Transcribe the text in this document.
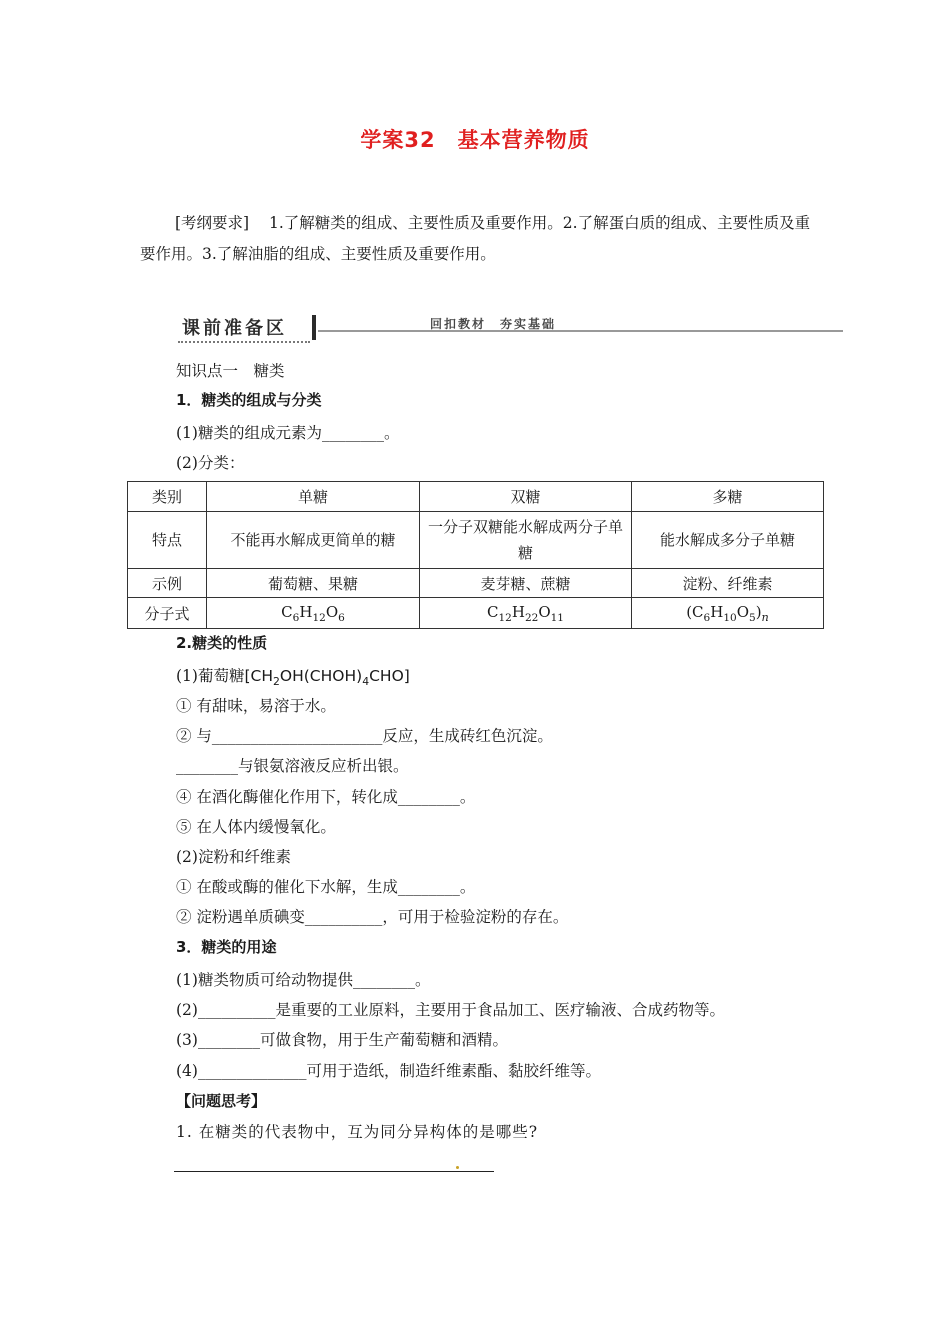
学案32　基本营养物质
[考纲要求] 1.了解糖类的组成、主要性质及重要作用。2.了解蛋白质的组成、主要性质及重要作用。3.了解油脂的组成、主要性质及重要作用。
课前准备区	回扣教材　夯实基础
知识点一　糖类
1．糖类的组成与分类
(1)糖类的组成元素为________。
(2)分类：
类别	单糖	双糖	多糖
特点	不能再水解成更简单的糖	一分子双糖能水解成两分子单糖	能水解成多分子单糖
示例	葡萄糖、果糖	麦芽糖、蔗糖	淀粉、纤维素
分子式	$C_6H_{12}O_6$	$C_{12}H_{22}O_{11}$	$(C_6H_{10}O_5)_n$
2.糖类的性质
(1)葡萄糖$[CH_2OH(CHOH)_4CHO]$
① 有甜味，易溶于水。
② 与______________________反应，生成砖红色沉淀。
________与银氨溶液反应析出银。
④ 在酒化酶催化作用下，转化成________。
⑤ 在人体内缓慢氧化。
(2)淀粉和纤维素
① 在酸或酶的催化下水解，生成________。
② 淀粉遇单质碘变__________，可用于检验淀粉的存在。
3．糖类的用途
(1)糖类物质可给动物提供________。
(2)__________是重要的工业原料，主要用于食品加工、医疗输液、合成药物等。
(3)________可做食物，用于生产葡萄糖和酒精。
(4)______________可用于造纸，制造纤维素酯、黏胶纤维等。
【问题思考】
1. 在糖类的代表物中，互为同分异构体的是哪些?
